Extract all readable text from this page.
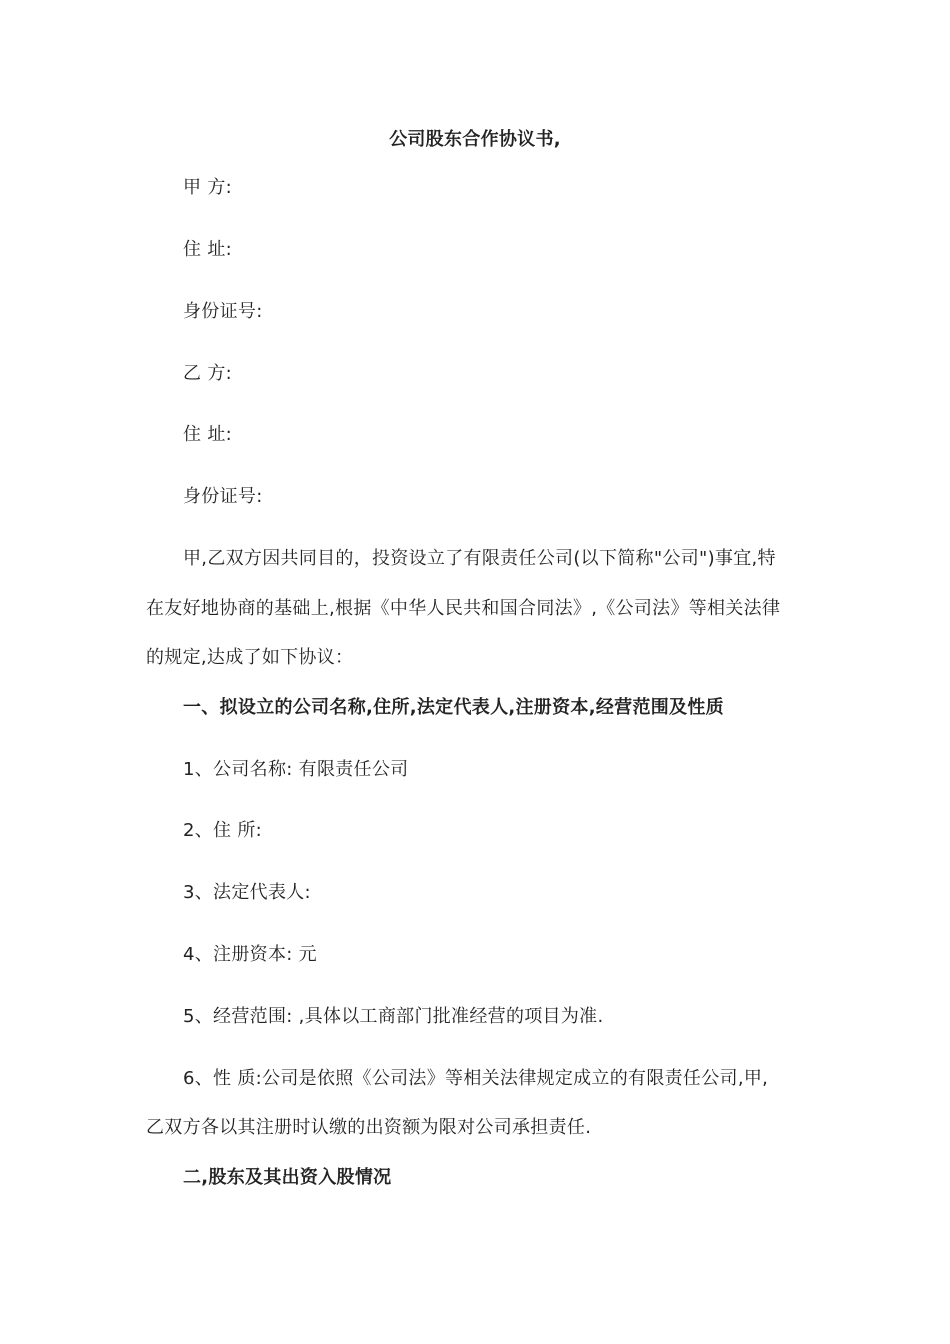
公司股东合作协议书,
甲 方:
住 址:
身份证号:
乙 方:
住 址:
身份证号:
甲,乙双方因共同目的，投资设立了有限责任公司(以下简称"公司")事宜,特
在友好地协商的基础上,根据《中华人民共和国合同法》,《公司法》等相关法律
的规定,达成了如下协议：
一、拟设立的公司名称,住所,法定代表人,注册资本,经营范围及性质
1、公司名称: 有限责任公司
2、住 所:
3、法定代表人:
4、注册资本: 元
5、经营范围: ,具体以工商部门批准经营的项目为准.
6、性 质:公司是依照《公司法》等相关法律规定成立的有限责任公司,甲,
乙双方各以其注册时认缴的出资额为限对公司承担责任.
二,股东及其出资入股情况
